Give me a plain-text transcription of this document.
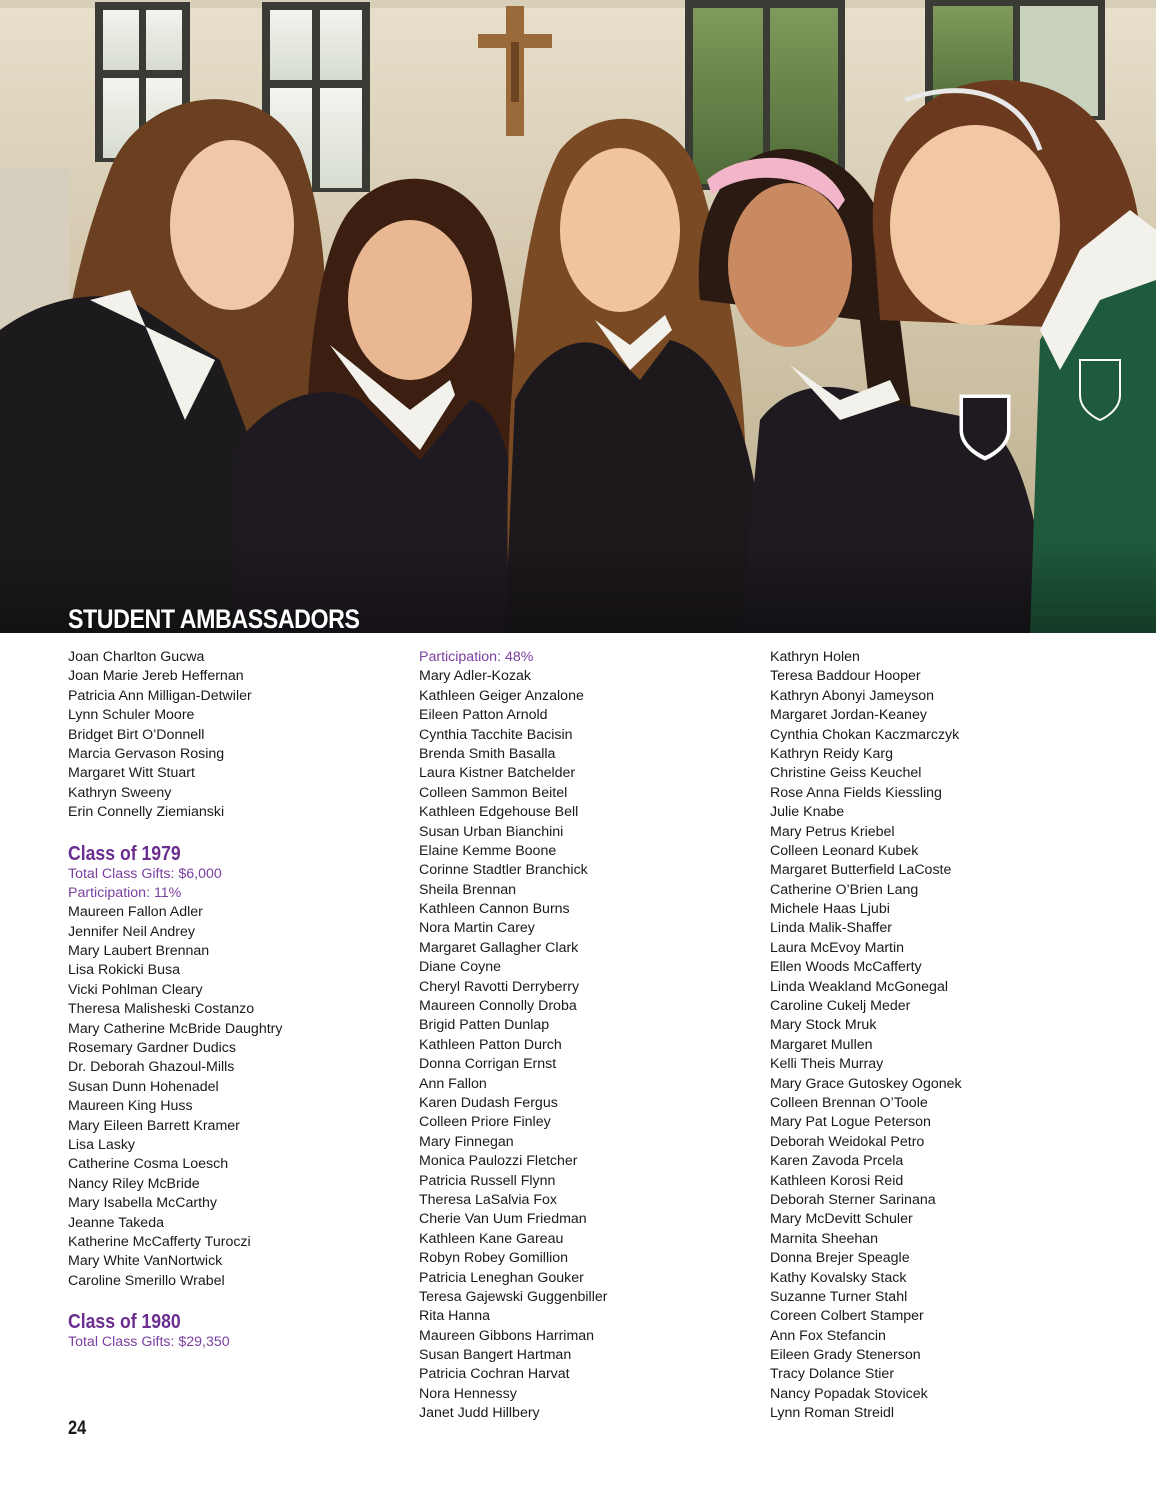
STUDENT AMBASSADORS
Joan Charlton Gucwa
Joan Marie Jereb Heffernan
Patricia Ann Milligan-Detwiler
Lynn Schuler Moore
Bridget Birt O’Donnell
Marcia Gervason Rosing
Margaret Witt Stuart
Kathryn Sweeny
Erin Connelly Ziemianski
Class of 1979
Total Class Gifts: $6,000
Participation: 11%
Maureen Fallon Adler
Jennifer Neil Andrey
Mary Laubert Brennan
Lisa Rokicki Busa
Vicki Pohlman Cleary
Theresa Malisheski Costanzo
Mary Catherine McBride Daughtry
Rosemary Gardner Dudics
Dr. Deborah Ghazoul-Mills
Susan Dunn Hohenadel
Maureen King Huss
Mary Eileen Barrett Kramer
Lisa Lasky
Catherine Cosma Loesch
Nancy Riley McBride
Mary Isabella McCarthy
Jeanne Takeda
Katherine McCafferty Turoczi
Mary White VanNortwick
Caroline Smerillo Wrabel
Class of 1980
Total Class Gifts: $29,350
Participation: 48%
Mary Adler-Kozak
Kathleen Geiger Anzalone
Eileen Patton Arnold
Cynthia Tacchite Bacisin
Brenda Smith Basalla
Laura Kistner Batchelder
Colleen Sammon Beitel
Kathleen Edgehouse Bell
Susan Urban Bianchini
Elaine Kemme Boone
Corinne Stadtler Branchick
Sheila Brennan
Kathleen Cannon Burns
Nora Martin Carey
Margaret Gallagher Clark
Diane Coyne
Cheryl Ravotti Derryberry
Maureen Connolly Droba
Brigid Patten Dunlap
Kathleen Patton Durch
Donna Corrigan Ernst
Ann Fallon
Karen Dudash Fergus
Colleen Priore Finley
Mary Finnegan
Monica Paulozzi Fletcher
Patricia Russell Flynn
Theresa LaSalvia Fox
Cherie Van Uum Friedman
Kathleen Kane Gareau
Robyn Robey Gomillion
Patricia Leneghan Gouker
Teresa Gajewski Guggenbiller
Rita Hanna
Maureen Gibbons Harriman
Susan Bangert Hartman
Patricia Cochran Harvat
Nora Hennessy
Janet Judd Hillbery
Kathryn Holen
Teresa Baddour Hooper
Kathryn Abonyi Jameyson
Margaret Jordan-Keaney
Cynthia Chokan Kaczmarczyk
Kathryn Reidy Karg
Christine Geiss Keuchel
Rose Anna Fields Kiessling
Julie Knabe
Mary Petrus Kriebel
Colleen Leonard Kubek
Margaret Butterfield LaCoste
Catherine O’Brien Lang
Michele Haas Ljubi
Linda Malik-Shaffer
Laura McEvoy Martin
Ellen Woods McCafferty
Linda Weakland McGonegal
Caroline Cukelj Meder
Mary Stock Mruk
Margaret Mullen
Kelli Theis Murray
Mary Grace Gutoskey Ogonek
Colleen Brennan O’Toole
Mary Pat Logue Peterson
Deborah Weidokal Petro
Karen Zavoda Prcela
Kathleen Korosi Reid
Deborah Sterner Sarinana
Mary McDevitt Schuler
Marnita Sheehan
Donna Brejer Speagle
Kathy Kovalsky Stack
Suzanne Turner Stahl
Coreen Colbert Stamper
Ann Fox Stefancin
Eileen Grady Stenerson
Tracy Dolance Stier
Nancy Popadak Stovicek
Lynn Roman Streidl
24
